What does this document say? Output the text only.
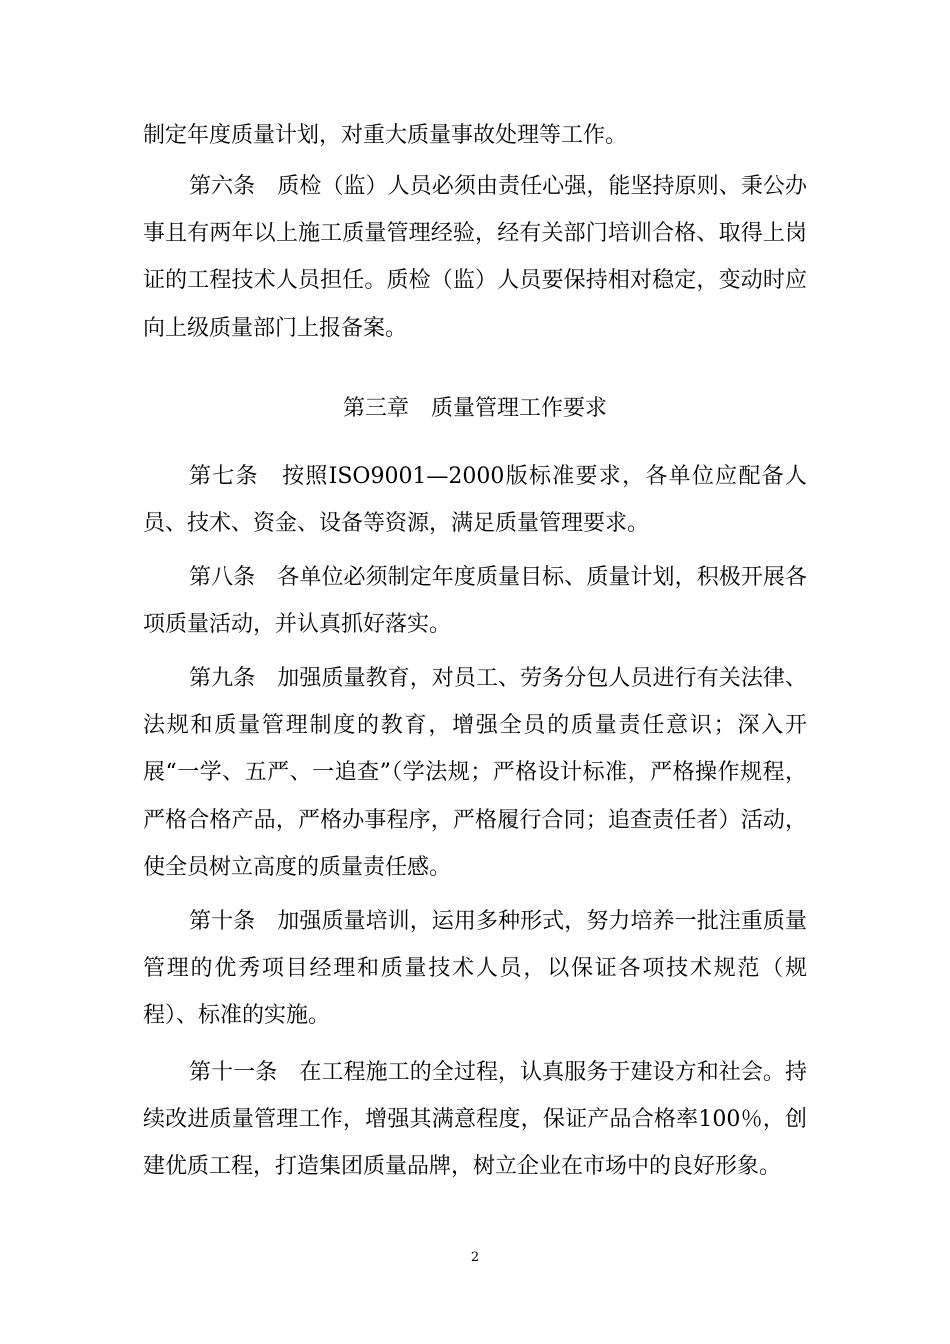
制定年度质量计划，对重大质量事故处理等工作。

第六条　质检（监）人员必须由责任心强，能坚持原则、秉公办事且有两年以上施工质量管理经验，经有关部门培训合格、取得上岗证的工程技术人员担任。质检（监）人员要保持相对稳定，变动时应向上级质量部门上报备案。

第三章　质量管理工作要求

第七条　按照ISO9001—2000版标准要求，各单位应配备人员、技术、资金、设备等资源，满足质量管理要求。

第八条　各单位必须制定年度质量目标、质量计划，积极开展各项质量活动，并认真抓好落实。

第九条　加强质量教育，对员工、劳务分包人员进行有关法律、法规和质量管理制度的教育，增强全员的质量责任意识；深入开展“一学、五严、一追查”（学法规；严格设计标准，严格操作规程，严格合格产品，严格办事程序，严格履行合同；追查责任者）活动，使全员树立高度的质量责任感。

第十条　加强质量培训，运用多种形式，努力培养一批注重质量管理的优秀项目经理和质量技术人员，以保证各项技术规范（规程）、标准的实施。

第十一条　在工程施工的全过程，认真服务于建设方和社会。持续改进质量管理工作，增强其满意程度，保证产品合格率100％，创建优质工程，打造集团质量品牌，树立企业在市场中的良好形象。

2
